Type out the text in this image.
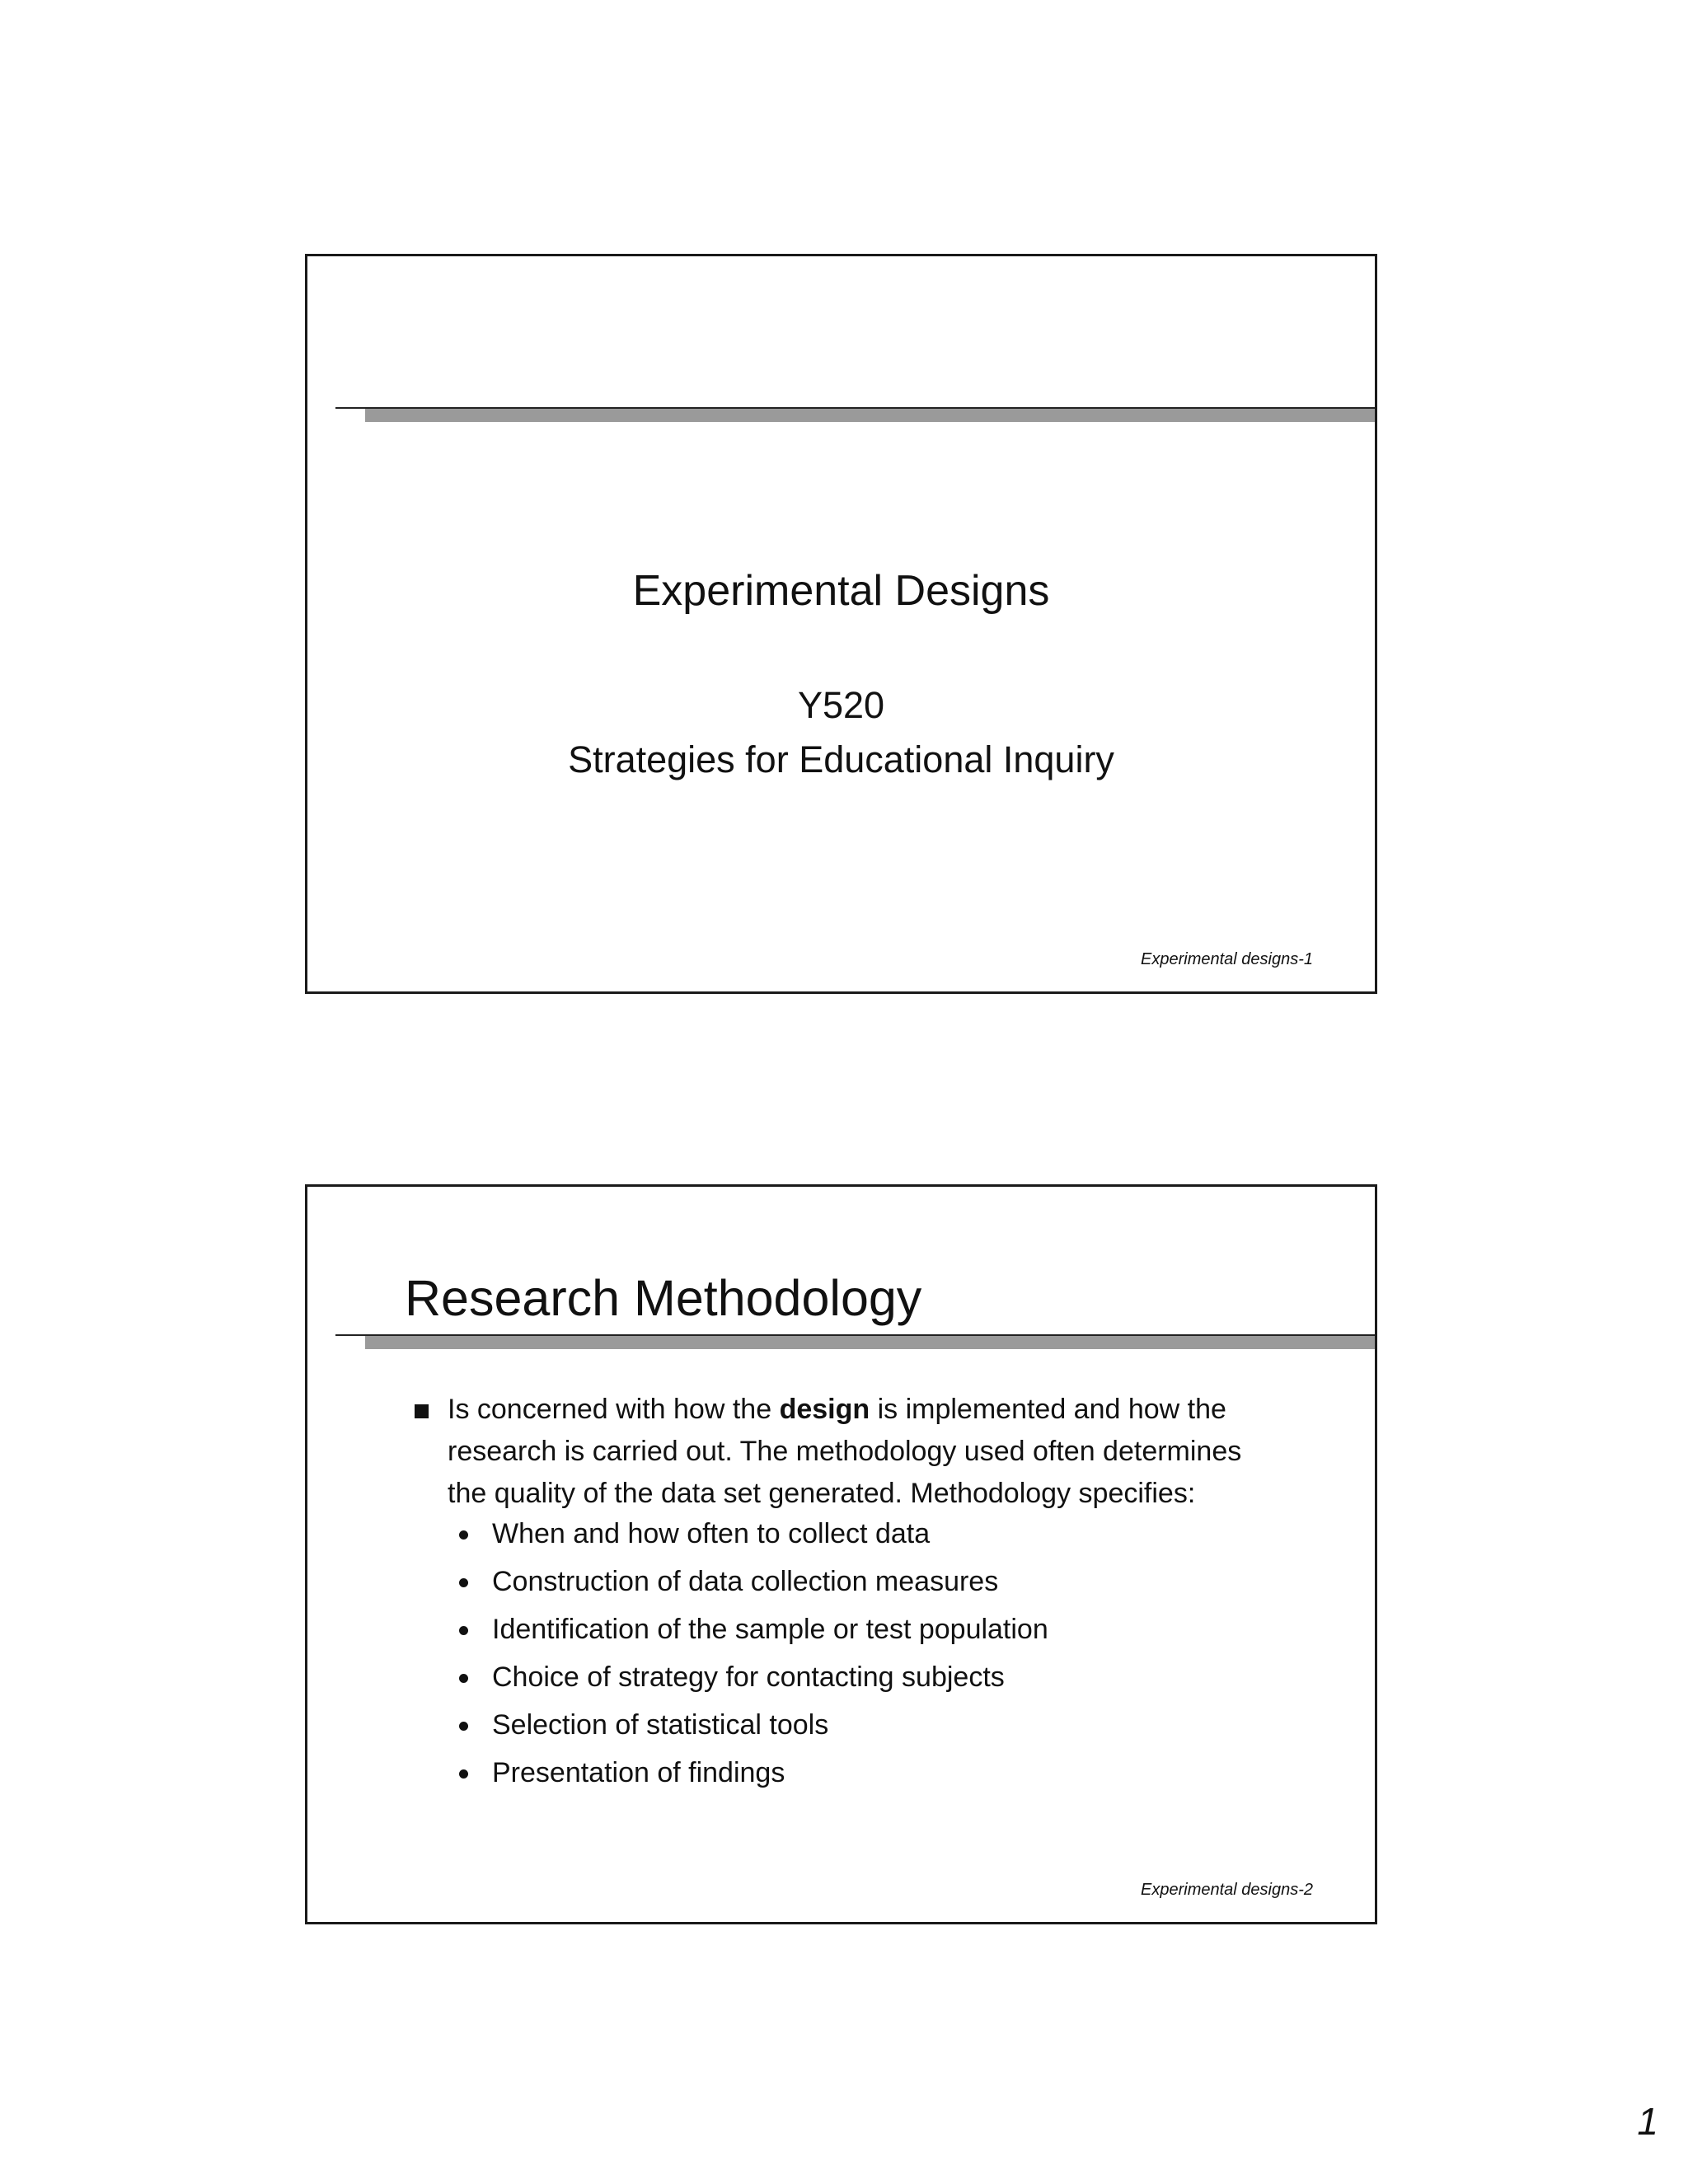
Experimental Designs
Y520
Strategies for Educational Inquiry
Experimental designs-1
Research Methodology
Is concerned with how the design is implemented and how the research is carried out. The methodology used often determines the quality of the data set generated. Methodology specifies:
When and how often to collect data
Construction of data collection measures
Identification of the sample or test population
Choice of strategy for contacting subjects
Selection of statistical tools
Presentation of findings
Experimental designs-2
1
